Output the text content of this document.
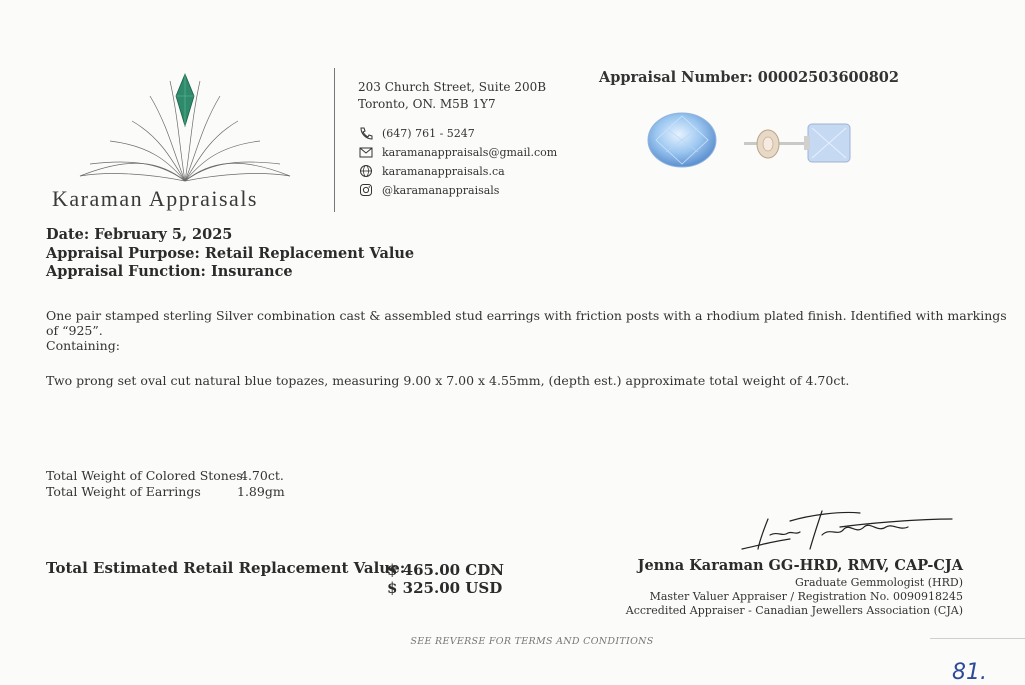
Karaman Appraisals
203 Church Street, Suite 200B
Toronto, ON. M5B 1Y7
(647) 761 - 5247
karamanappraisals@gmail.com
karamanappraisals.ca
@karamanappraisals
Appraisal Number: 00002503600802
Date: February 5, 2025
Appraisal Purpose: Retail Replacement Value
Appraisal Function: Insurance
One pair stamped sterling Silver combination cast & assembled stud earrings with friction posts with a rhodium plated finish. Identified with markings
of “925”.
Containing:
Two prong set oval cut natural blue topazes, measuring 9.00 x 7.00 x 4.55mm, (depth est.) approximate total weight of 4.70ct.
Total Weight of Colored Stones
4.70ct.
Total Weight of Earrings	1.89gm
Total Estimated Retail Replacement Value:
$ 465.00 CDN
$ 325.00 USD
Jenna Karaman GG-HRD, RMV, CAP-CJA
Graduate Gemmologist (HRD)
Master Valuer Appraiser / Registration No. 0090918245
Accredited Appraiser - Canadian Jewellers Association (CJA)
SEE REVERSE FOR TERMS AND CONDITIONS
81.
